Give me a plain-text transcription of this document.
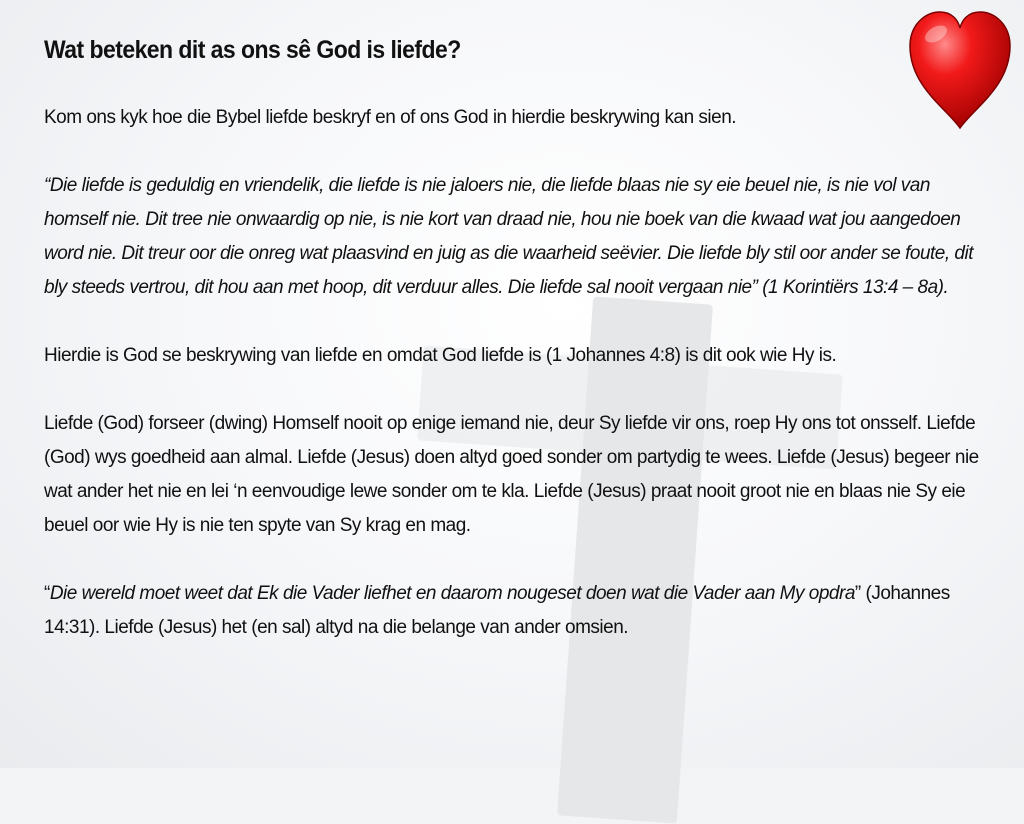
Wat beteken dit as ons sê God is liefde?

Kom ons kyk hoe die Bybel liefde beskryf en of ons God in hierdie beskrywing kan sien.

“Die liefde is geduldig en vriendelik, die liefde is nie jaloers nie, die liefde blaas nie sy eie beuel nie, is nie vol van homself nie. Dit tree nie onwaardig op nie, is nie kort van draad nie, hou nie boek van die kwaad wat jou aangedoen word nie. Dit treur oor die onreg wat plaasvind en juig as die waarheid seëvier. Die liefde bly stil oor ander se foute, dit bly steeds vertrou, dit hou aan met hoop, dit verduur alles. Die liefde sal nooit vergaan nie” (1 Korintiërs 13:4 – 8a).

Hierdie is God se beskrywing van liefde en omdat God liefde is (1 Johannes 4:8) is dit ook wie Hy is.

Liefde (God) forseer (dwing) Homself nooit op enige iemand nie, deur Sy liefde vir ons, roep Hy ons tot onsself. Liefde (God) wys goedheid aan almal. Liefde (Jesus) doen altyd goed sonder om partydig te wees. Liefde (Jesus) begeer nie wat ander het nie en lei ‘n eenvoudige lewe sonder om te kla. Liefde (Jesus) praat nooit groot nie en blaas nie Sy eie beuel oor wie Hy is nie ten spyte van Sy krag en mag.

“Die wereld moet weet dat Ek die Vader liefhet en daarom nougeset doen wat die Vader aan My opdra” (Johannes 14:31). Liefde (Jesus) het (en sal) altyd na die belange van ander omsien.
